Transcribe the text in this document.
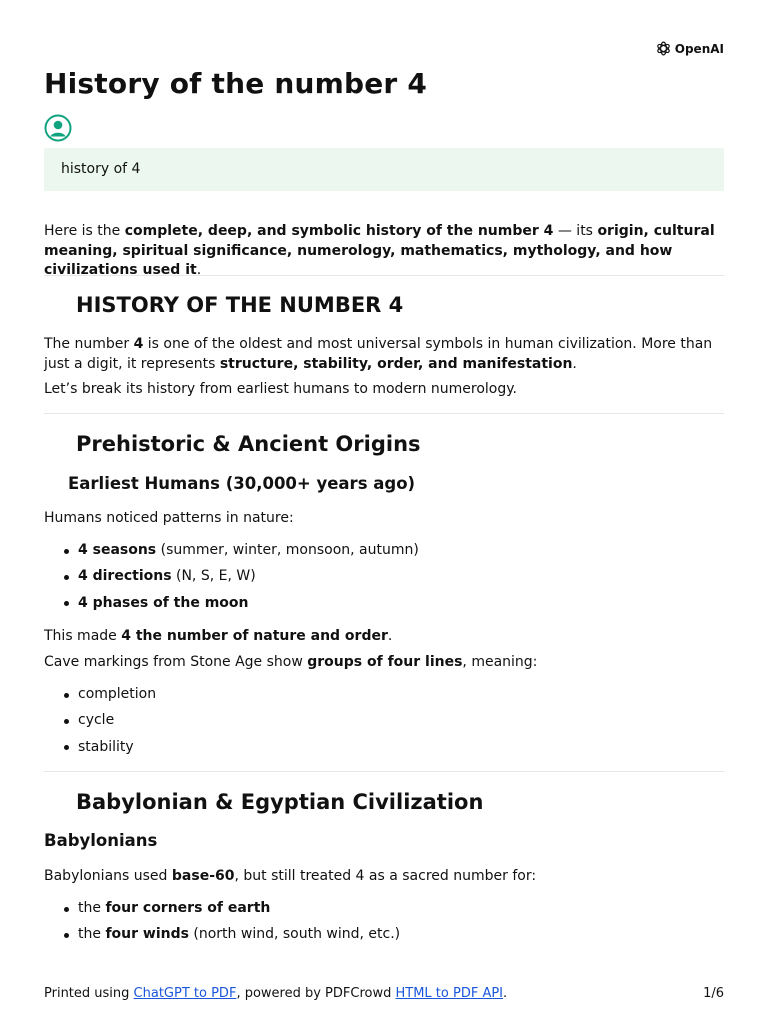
OpenAI
History of the number 4
history of 4

Here is the complete, deep, and symbolic history of the number 4 — its origin, cultural meaning, spiritual significance, numerology, mathematics, mythology, and how civilizations used it.

HISTORY OF THE NUMBER 4

The number 4 is one of the oldest and most universal symbols in human civilization. More than just a digit, it represents structure, stability, order, and manifestation.

Let’s break its history from earliest humans to modern numerology.

Prehistoric & Ancient Origins
Earliest Humans (30,000+ years ago)

Humans noticed patterns in nature:

4 seasons (summer, winter, monsoon, autumn)
4 directions (N, S, E, W)
4 phases of the moon

This made 4 the number of nature and order.

Cave markings from Stone Age show groups of four lines, meaning:

completion
cycle
stability
Babylonian & Egyptian Civilization
Babylonians

Babylonians used base-60, but still treated 4 as a sacred number for:

the four corners of earth
the four winds (north wind, south wind, etc.)
Printed using ChatGPT to PDF, powered by PDFCrowd HTML to PDF API.	1/6
